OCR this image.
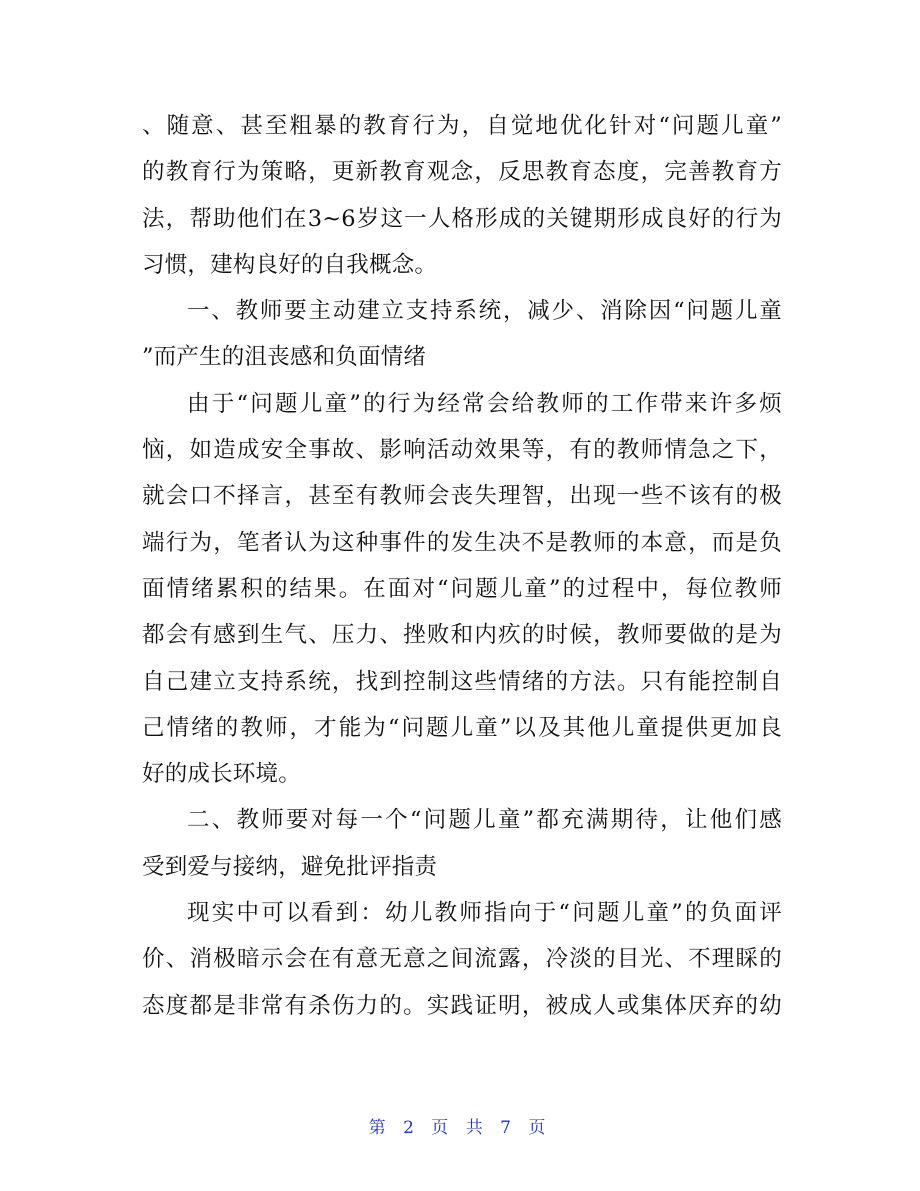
、随意、甚至粗暴的教育行为，自觉地优化针对“问题儿童”
的教育行为策略，更新教育观念，反思教育态度，完善教育方
法，帮助他们在3~6岁这一人格形成的关键期形成良好的行为
习惯，建构良好的自我概念。
一、教师要主动建立支持系统，减少、消除因“问题儿童
”而产生的沮丧感和负面情绪
由于“问题儿童”的行为经常会给教师的工作带来许多烦
恼，如造成安全事故、影响活动效果等，有的教师情急之下，
就会口不择言，甚至有教师会丧失理智，出现一些不该有的极
端行为，笔者认为这种事件的发生决不是教师的本意，而是负
面情绪累积的结果。在面对“问题儿童”的过程中，每位教师
都会有感到生气、压力、挫败和内疚的时候，教师要做的是为
自己建立支持系统，找到控制这些情绪的方法。只有能控制自
己情绪的教师，才能为“问题儿童”以及其他儿童提供更加良
好的成长环境。
二、教师要对每一个“问题儿童”都充满期待，让他们感
受到爱与接纳，避免批评指责
现实中可以看到：幼儿教师指向于“问题儿童”的负面评
价、消极暗示会在有意无意之间流露，冷淡的目光、不理睬的
态度都是非常有杀伤力的。实践证明，被成人或集体厌弃的幼
第 2 页 共 7 页
